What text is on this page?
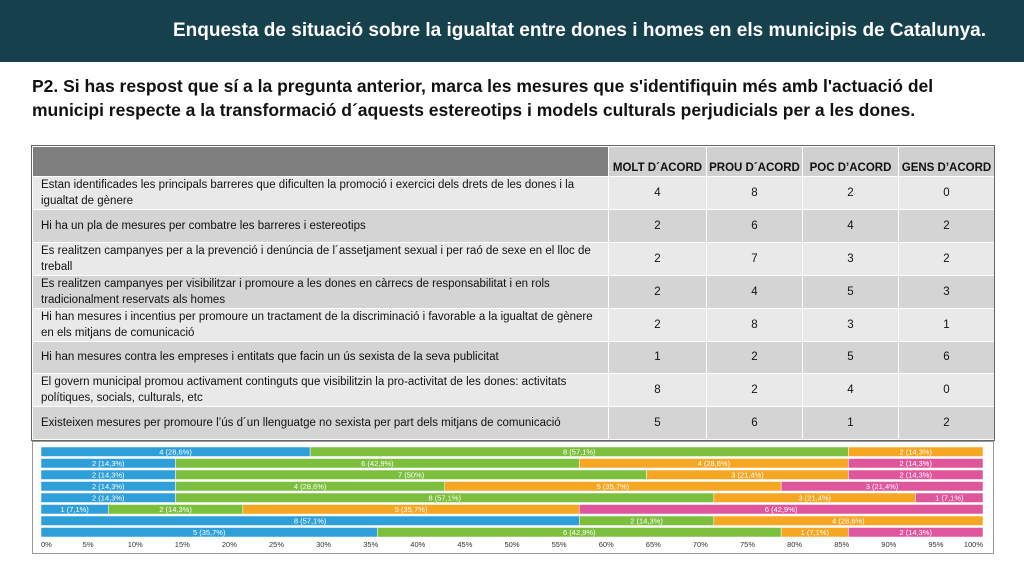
Enquesta de situació sobre la igualtat entre dones i homes en els municipis de Catalunya.
P2. Si has respost que sí a la pregunta anterior, marca les mesures que s'identifiquin més amb l'actuació del municipi respecte a la transformació d´aquests estereotips i models culturals perjudicials per a les dones.
	MOLT D´ACORD	PROU D´ACORD	POC D’ACORD	GENS D’ACORD
Estan identificades les principals barreres que dificulten la promoció i exercici dels drets de les dones i la igualtat de gènere	4	8	2	0
Hi ha un pla de mesures per combatre les barreres i estereotips	2	6	4	2
Es realitzen campanyes per a la prevenció i denúncia de l´assetjament sexual i per raó de sexe en el lloc de treball	2	7	3	2
Es realitzen campanyes per visibilitzar i promoure a les dones en càrrecs de responsabilitat i en rols tradicionalment reservats als homes	2	4	5	3
Hi han mesures i incentius per promoure un tractament de la discriminació i favorable a la igualtat de gènere en els mitjans de comunicació	2	8	3	1
Hi han mesures contra les empreses i entitats que facin un ús sexista de la seva publicitat	1	2	5	6
El govern municipal promou activament continguts que visibilitzin la pro-activitat de les dones: activitats polítiques, socials, culturals, etc	8	2	4	0
Existeixen mesures per promoure l’ús d´un llenguatge no sexista per part dels mitjans de comunicació	5	6	1	2
4 (28,6%)	8 (57,1%)	2 (14,3%)
2 (14,3%)	6 (42,9%)	4 (28,6%)	2 (14,3%)
2 (14,3%)	7 (50%)	3 (21,4%)	2 (14,3%)
2 (14,3%)	4 (28,6%)	5 (35,7%)	3 (21,4%)
2 (14,3%)	8 (57,1%)	3 (21,4%)	1 (7,1%)
1 (7,1%)	2 (14,3%)	5 (35,7%)	6 (42,9%)
8 (57,1%)	2 (14,3%)	4 (28,6%)
5 (35,7%)	6 (42,9%)	1 (7,1%)	2 (14,3%)
0%	5%	10%	15%	20%	25%	30%	35%	40%	45%	50%	55%	60%	65%	70%	75%	80%	85%	90%	95%	100%
